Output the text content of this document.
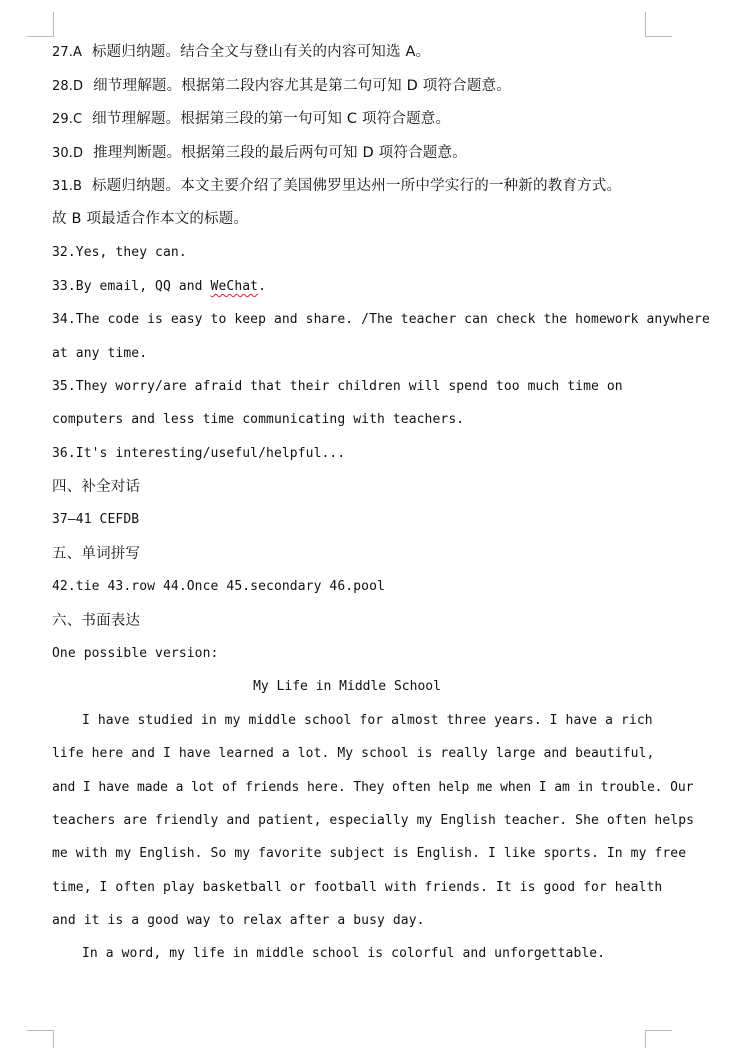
27.A 标题归纳题。结合全文与登山有关的内容可知选 A。
28.D 细节理解题。根据第二段内容尤其是第二句可知 D 项符合题意。
29.C 细节理解题。根据第三段的第一句可知 C 项符合题意。
30.D 推理判断题。根据第三段的最后两句可知 D 项符合题意。
31.B 标题归纳题。本文主要介绍了美国佛罗里达州一所中学实行的一种新的教育方式。
故 B 项最适合作本文的标题。
32.Yes, they can.
33.By email, QQ and WeChat.
34.The code is easy to keep and share. /The teacher can check the homework anywhere
at any time.
35.They worry/are afraid that their children will spend too much time on
computers and less time communicating with teachers.
36.It's interesting/useful/helpful...
四、补全对话
37—41 CEFDB
五、单词拼写
42.tie 43.row 44.Once 45.secondary 46.pool
六、书面表达
One possible version:
My Life in Middle School
I have studied in my middle school for almost three years. I have a rich
life here and I have learned a lot. My school is really large and beautiful,
and I have made a lot of friends here. They often help me when I am in trouble. Our
teachers are friendly and patient, especially my English teacher. She often helps
me with my English. So my favorite subject is English. I like sports. In my free
time, I often play basketball or football with friends. It is good for health
and it is a good way to relax after a busy day.
In a word, my life in middle school is colorful and unforgettable.
